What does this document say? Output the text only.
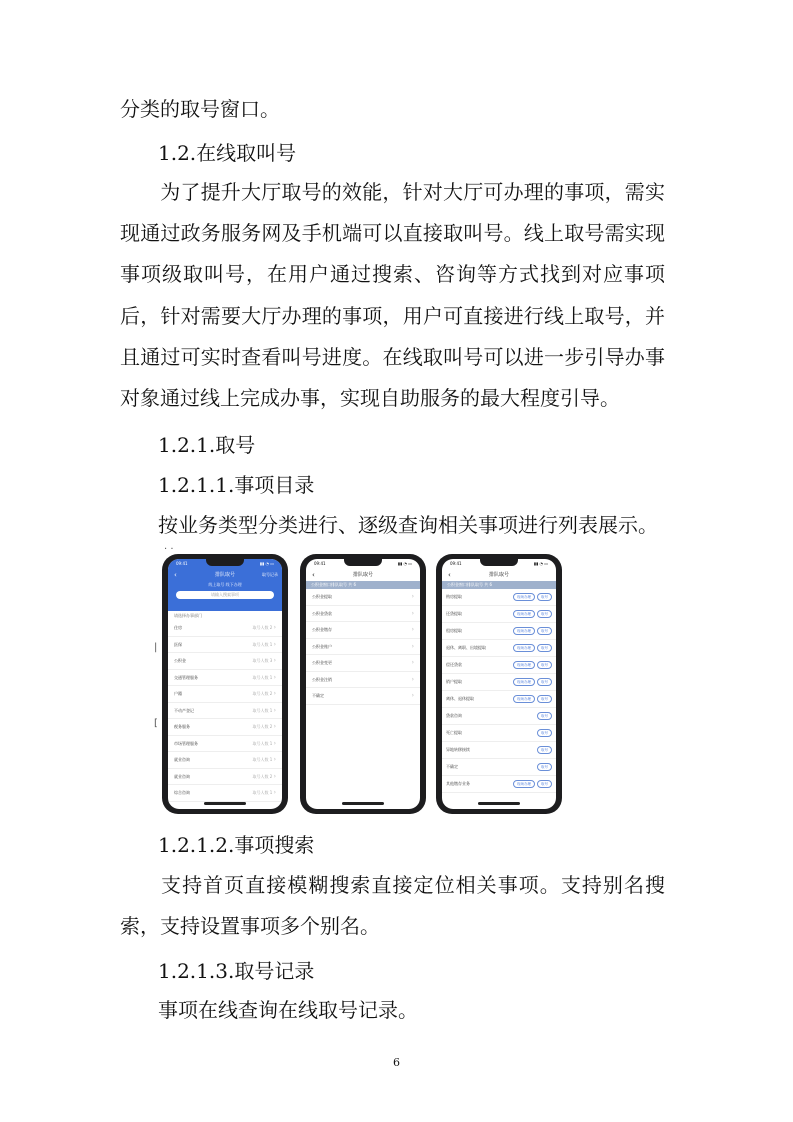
分类的取号窗口。
1.2.在线取叫号
为了提升大厅取号的效能，针对大厅可办理的事项，需实现通过政务服务网及手机端可以直接取叫号。线上取号需实现事项级取叫号，在用户通过搜索、咨询等方式找到对应事项后，针对需要大厅办理的事项，用户可直接进行线上取号，并且通过可实时查看叫号进度。在线取叫号可以进一步引导办事对象通过线上完成办事，实现自助服务的最大程度引导。
1.2.1.取号
1.2.1.1.事项目录
按业务类型分类进行、逐级查询相关事项进行列表展示。
· ·
|
[
09:41	▮▮ ◔ ▭
‹	排队取号	取号记录
线上取号 线下办理
请输入搜索事项
请选择办事部门
住房	取号人数 2 ›
医保	取号人数 1 ›
公积金	取号人数 3 ›
交通管理服务	取号人数 1 ›
户籍	取号人数 2 ›
不动产登记	取号人数 1 ›
税务服务	取号人数 2 ›
市场管理服务	取号人数 1 ›
就业咨询	取号人数 1 ›
就业咨询	取号人数 2 ›
综合咨询	取号人数 1 ›
09:41	▮▮ ◔ ▭
‹	排队取号
公积金窗口排队取号 共 6
公积金提取	›
公积金贷款	›
公积金缴存	›
公积金账户	›
公积金变更	›
公积金注销	›
不确定	›
09:41	▮▮ ◔ ▭
‹	排队取号
公积金窗口排队取号 共 6
购房提取	现场办理	取号
还贷提取	现场办理	取号
租房提取	现场办理	取号
退休、离职、出境提取	现场办理	取号
偿还贷款	现场办理	取号
销户提取	现场办理	取号
离休、退休提取	现场办理	取号
贷款咨询	取号
死亡提取	取号
异地转移接续	取号
不确定	取号
其他缴存业务	现场办理	取号
1.2.1.2.事项搜索
支持首页直接模糊搜索直接定位相关事项。支持别名搜索，支持设置事项多个别名。
1.2.1.3.取号记录
事项在线查询在线取号记录。
6
